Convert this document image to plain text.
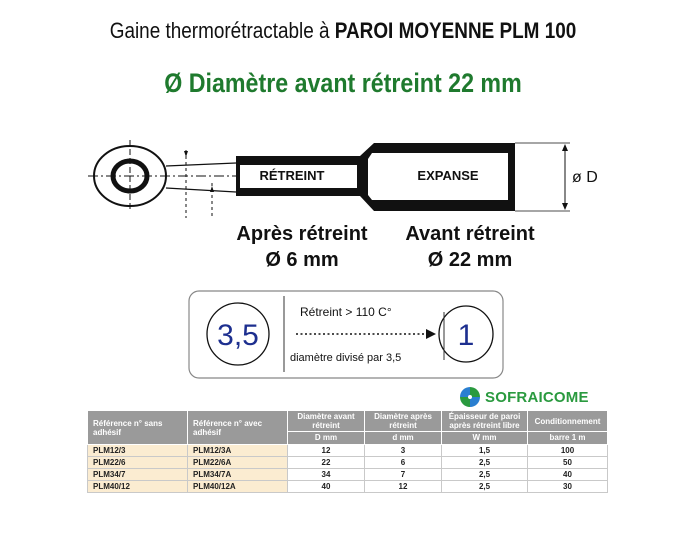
Gaine thermorétractable à PAROI MOYENNE PLM 100
Ø Diamètre avant rétreint 22 mm
RÉTREINT	EXPANSE	ø D
Après rétreint
Ø 6 mm
Avant rétreint
Ø 22 mm
3,5	1
Rétreint > 110 C°
diamètre divisé par 3,5
SOFRAICOME
Référence n° sans adhésif	Référence n° avec adhésif	Diamètre avant rétreint	Diamètre après rétreint	Épaisseur de paroi après rétreint libre	Conditionnement
		D mm	d mm	W mm	barre 1 m
PLM12/3	PLM12/3A	12	3	1,5	100
PLM22/6	PLM22/6A	22	6	2,5	50
PLM34/7	PLM34/7A	34	7	2,5	40
PLM40/12	PLM40/12A	40	12	2,5	30
